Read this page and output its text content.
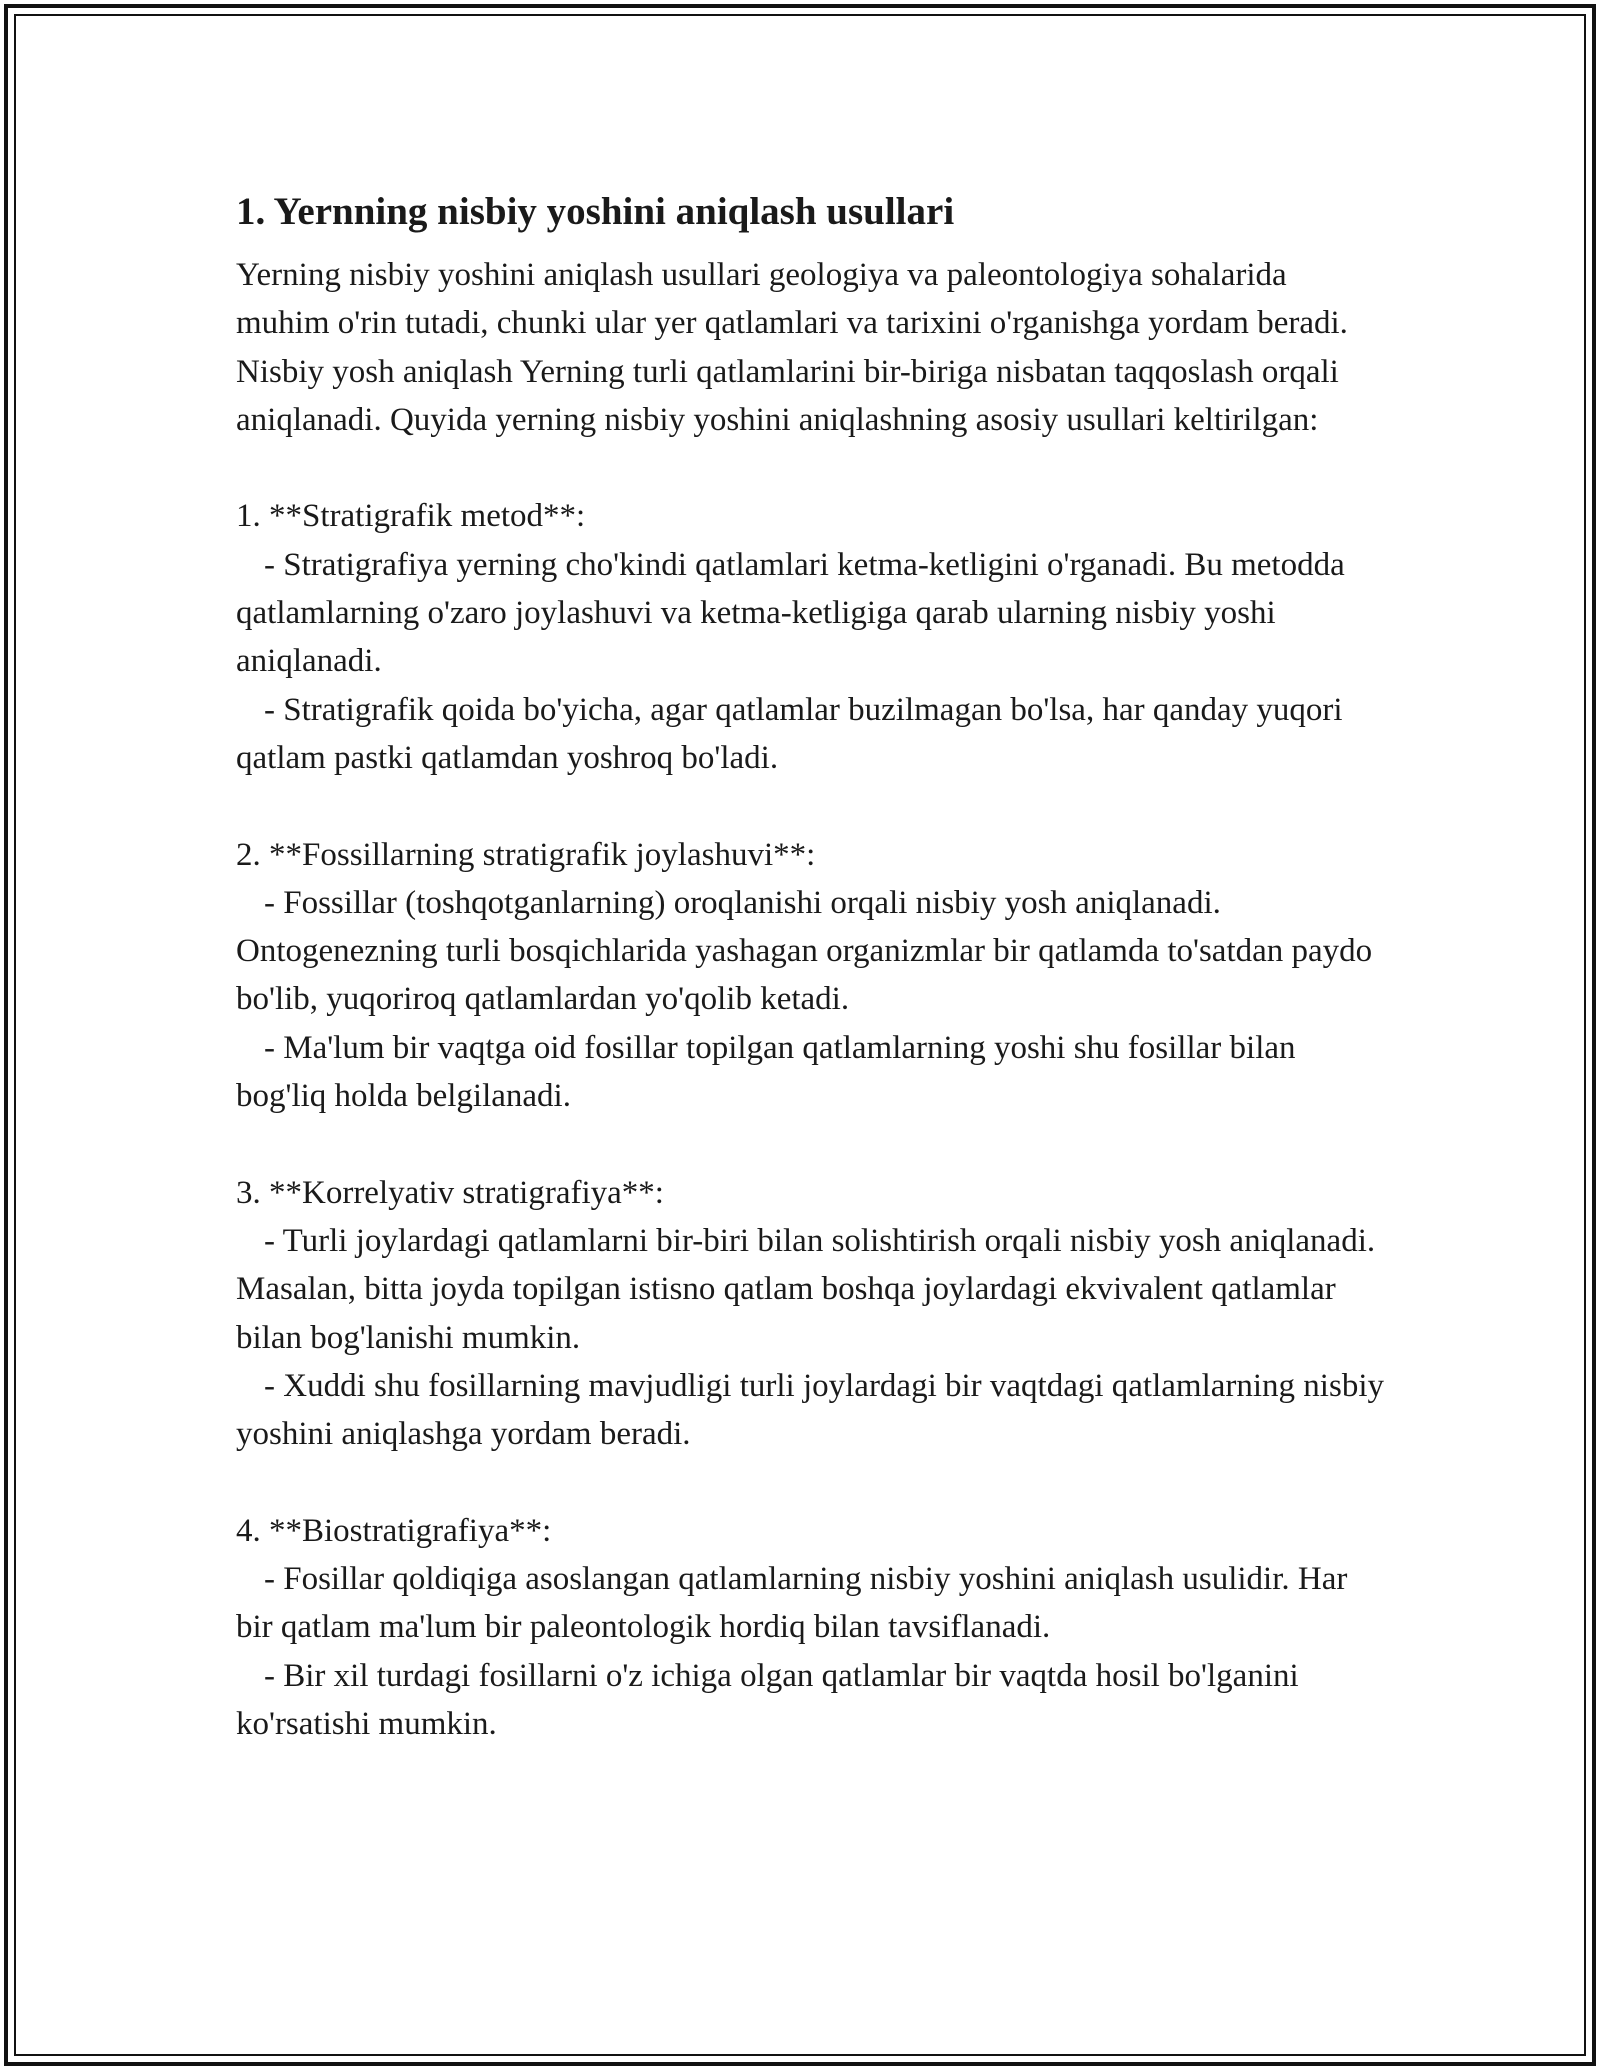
1. Yernning nisbiy yoshini aniqlash usullari

Yerning nisbiy yoshini aniqlash usullari geologiya va paleontologiya sohalarida muhim o'rin tutadi, chunki ular yer qatlamlari va tarixini o'rganishga yordam beradi. Nisbiy yosh aniqlash Yerning turli qatlamlarini bir-biriga nisbatan taqqoslash orqali aniqlanadi. Quyida yerning nisbiy yoshini aniqlashning asosiy usullari keltirilgan:

1. **Stratigrafik metod**:
- Stratigrafiya yerning cho'kindi qatlamlari ketma-ketligini o'rganadi. Bu metodda qatlamlarning o'zaro joylashuvi va ketma-ketligiga qarab ularning nisbiy yoshi aniqlanadi.
- Stratigrafik qoida bo'yicha, agar qatlamlar buzilmagan bo'lsa, har qanday yuqori qatlam pastki qatlamdan yoshroq bo'ladi.
2. **Fossillarning stratigrafik joylashuvi**:
- Fossillar (toshqotganlarning) oroqlanishi orqali nisbiy yosh aniqlanadi. Ontogenezning turli bosqichlarida yashagan organizmlar bir qatlamda to'satdan paydo bo'lib, yuqoriroq qatlamlardan yo'qolib ketadi.
- Ma'lum bir vaqtga oid fosillar topilgan qatlamlarning yoshi shu fosillar bilan bog'liq holda belgilanadi.
3. **Korrelyativ stratigrafiya**:
- Turli joylardagi qatlamlarni bir-biri bilan solishtirish orqali nisbiy yosh aniqlanadi. Masalan, bitta joyda topilgan istisno qatlam boshqa joylardagi ekvivalent qatlamlar bilan bog'lanishi mumkin.
- Xuddi shu fosillarning mavjudligi turli joylardagi bir vaqtdagi qatlamlarning nisbiy yoshini aniqlashga yordam beradi.
4. **Biostratigrafiya**:
- Fosillar qoldiqiga asoslangan qatlamlarning nisbiy yoshini aniqlash usulidir. Har bir qatlam ma'lum bir paleontologik hordiq bilan tavsiflanadi.
- Bir xil turdagi fosillarni o'z ichiga olgan qatlamlar bir vaqtda hosil bo'lganini ko'rsatishi mumkin.
